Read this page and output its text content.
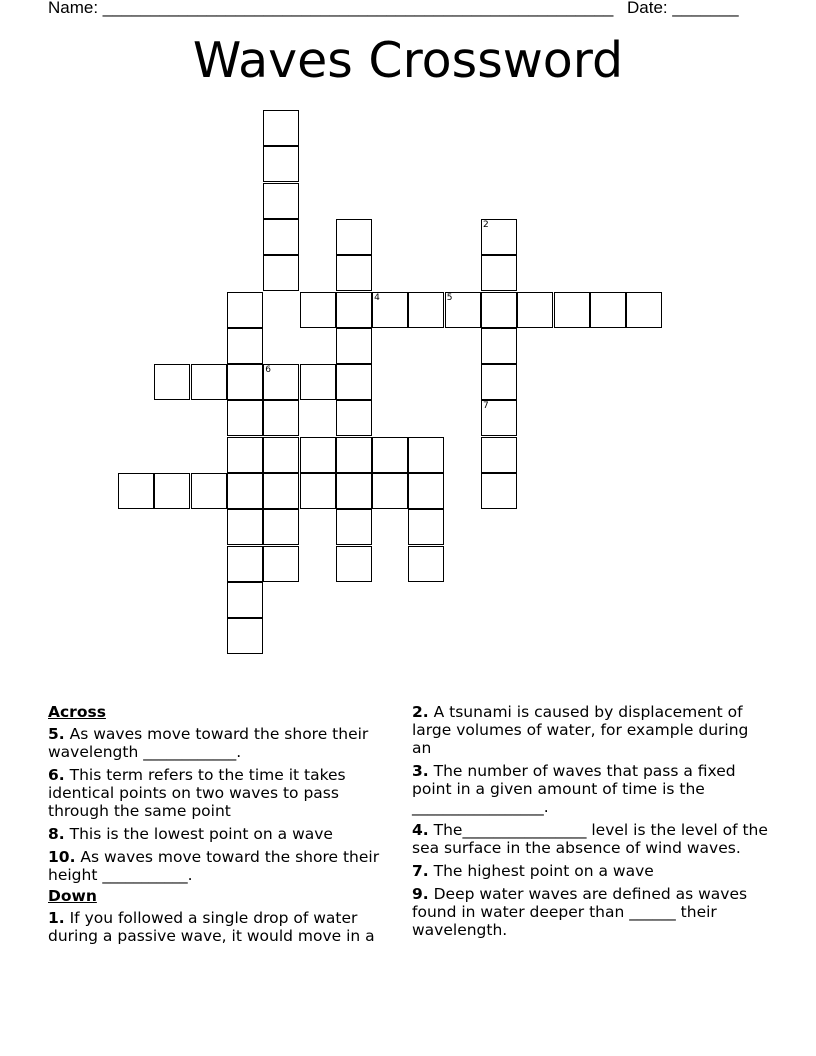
Name: ______________________________________________________ Date: _______
Waves Crossword
2
7
4	5
6
Across
5. As waves move toward the shore their wavelength ____________.
6. This term refers to the time it takes identical points on two waves to pass through the same point
8. This is the lowest point on a wave
10. As waves move toward the shore their height ___________.
Down
1. If you followed a single drop of water during a passive wave, it would move in a
2. A tsunami is caused by displacement of large volumes of water, for example during an
3. The number of waves that pass a fixed point in a given amount of time is the _________________.
4. The________________ level is the level of the sea surface in the absence of wind waves.
7. The highest point on a wave
9. Deep water waves are defined as waves found in water deeper than ______ their wavelength.
